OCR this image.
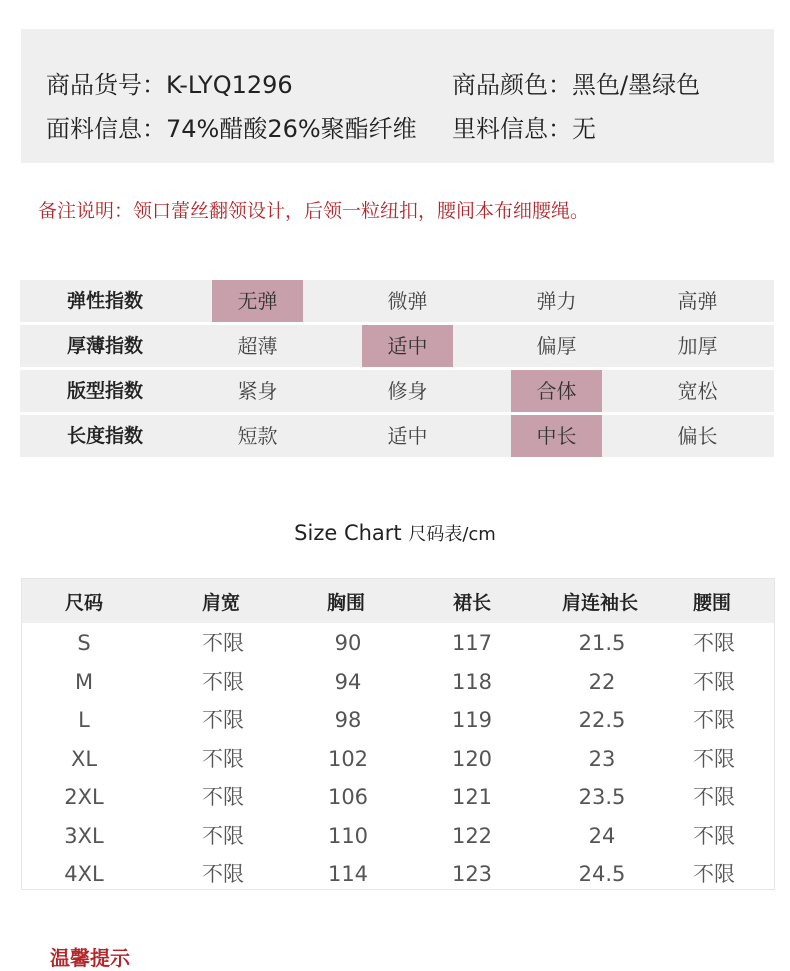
商品货号：K-LYQ1296	商品颜色：黑色/墨绿色
面料信息：74%醋酸26%聚酯纤维 里料信息：无
备注说明：领口蕾丝翻领设计，后领一粒纽扣，腰间本布细腰绳。
弹性指数	无弹	微弹	弹力	高弹
厚薄指数	超薄	适中	偏厚	加厚
版型指数	紧身	修身	合体	宽松
长度指数	短款	适中	中长	偏长
Size Chart 尺码表/cm
尺码	肩宽	胸围	裙长	肩连袖长	腰围
S	不限	90	117	21.5	不限
M	不限	94	118	22	不限
L	不限	98	119	22.5	不限
XL	不限	102	120	23	不限
2XL	不限	106	121	23.5	不限
3XL	不限	110	122	24	不限
4XL	不限	114	123	24.5	不限
温馨提示
